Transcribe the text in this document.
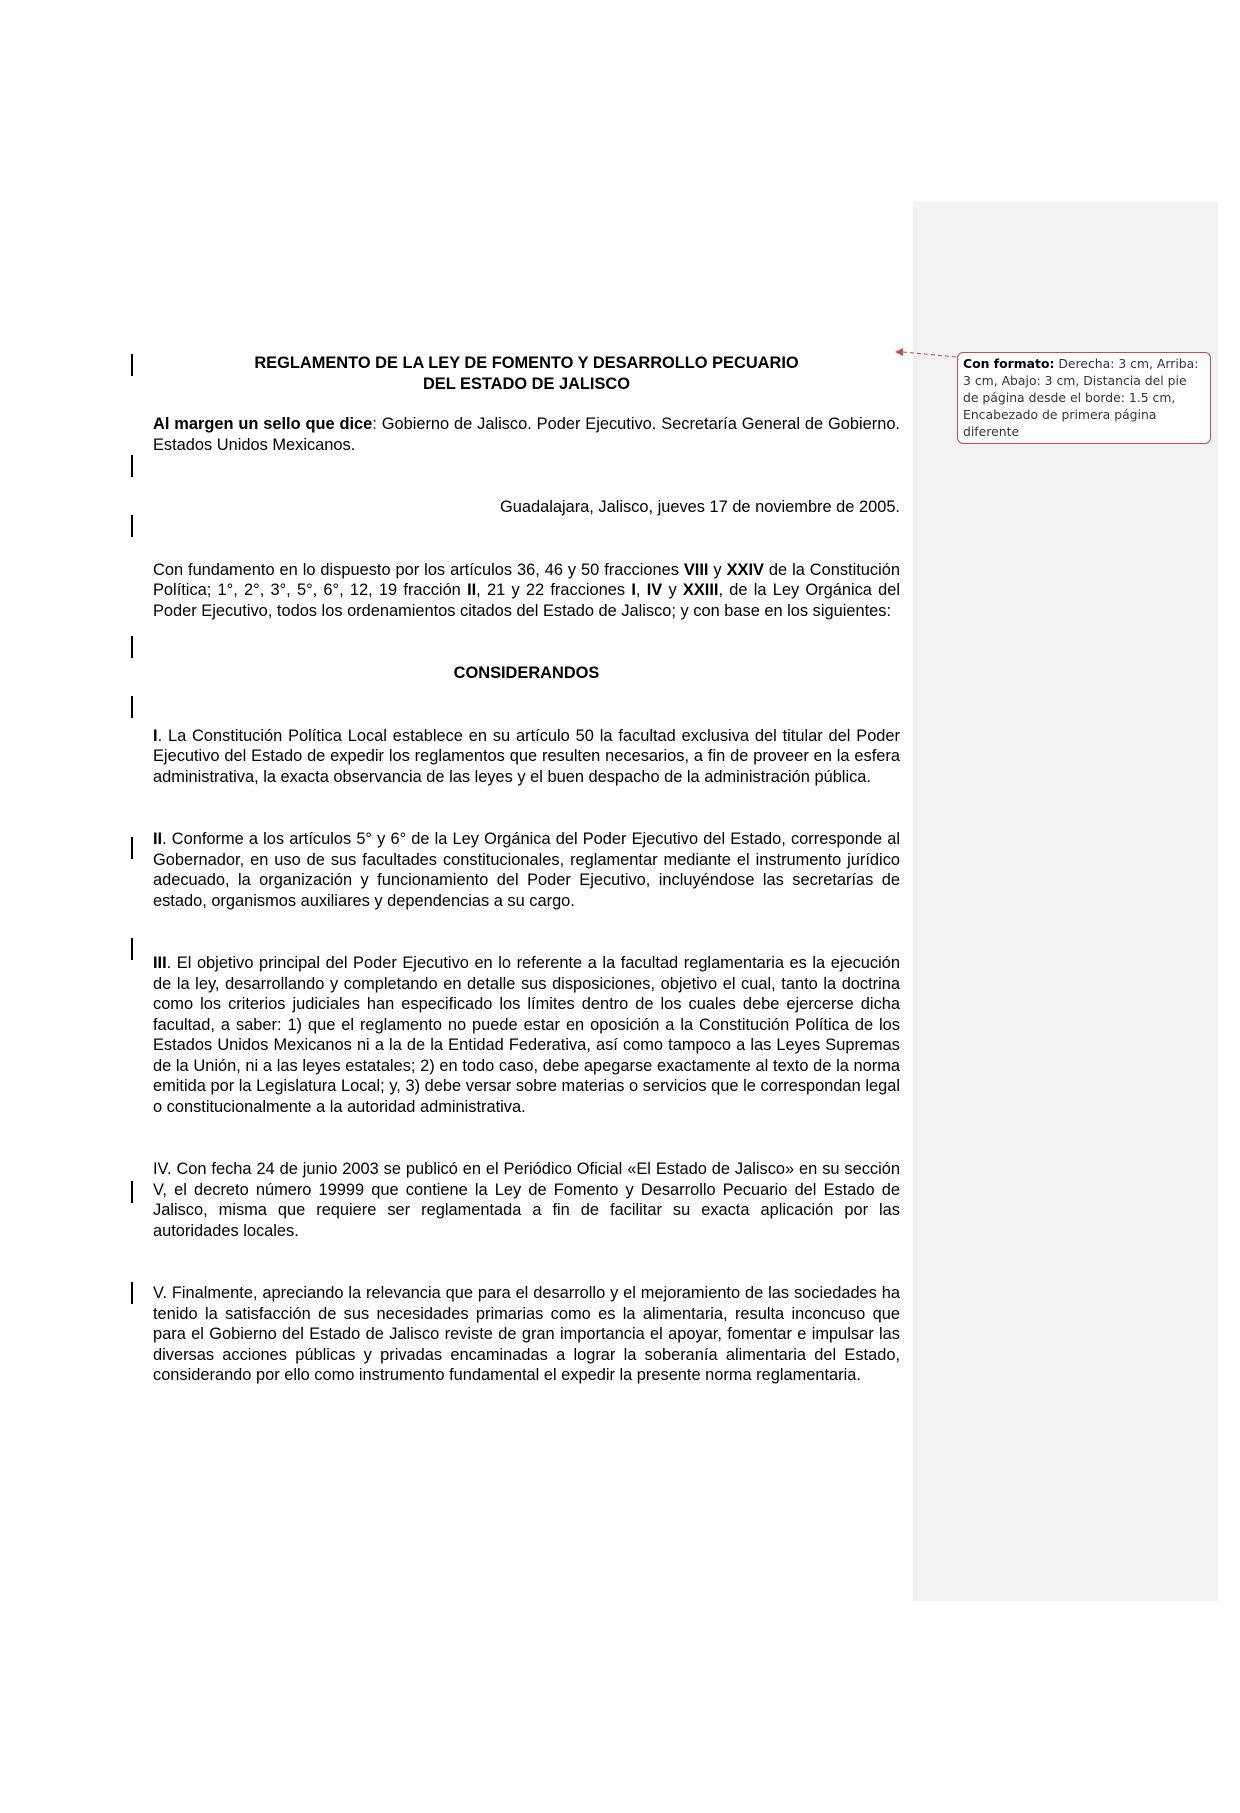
Con formato: Derecha: 3 cm, Arriba: 3 cm, Abajo: 3 cm, Distancia del pie de página desde el borde: 1.5 cm, Encabezado de primera página diferente

REGLAMENTO DE LA LEY DE FOMENTO Y DESARROLLO PECUARIO

DEL ESTADO DE JALISCO

Al margen un sello que dice: Gobierno de Jalisco. Poder Ejecutivo. Secretaría General de Gobierno. Estados Unidos Mexicanos.

Guadalajara, Jalisco, jueves 17 de noviembre de 2005.

Con fundamento en lo dispuesto por los artículos 36, 46 y 50 fracciones VIII y XXIV de la Constitución Política; 1°, 2°, 3°, 5°, 6°, 12, 19 fracción II, 21 y 22 fracciones I, IV y XXIII, de la Ley Orgánica del Poder Ejecutivo, todos los ordenamientos citados del Estado de Jalisco; y con base en los siguientes:

CONSIDERANDOS

I. La Constitución Política Local establece en su artículo 50 la facultad exclusiva del titular del Poder Ejecutivo del Estado de expedir los reglamentos que resulten necesarios, a fin de proveer en la esfera administrativa, la exacta observancia de las leyes y el buen despacho de la administración pública.

II. Conforme a los artículos 5° y 6° de la Ley Orgánica del Poder Ejecutivo del Estado, corresponde al Gobernador, en uso de sus facultades constitucionales, reglamentar mediante el instrumento jurídico adecuado, la organización y funcionamiento del Poder Ejecutivo, incluyéndose las secretarías de estado, organismos auxiliares y dependencias a su cargo.

III. El objetivo principal del Poder Ejecutivo en lo referente a la facultad reglamentaria es la ejecución de la ley, desarrollando y completando en detalle sus disposiciones, objetivo el cual, tanto la doctrina como los criterios judiciales han especificado los límites dentro de los cuales debe ejercerse dicha facultad, a saber: 1) que el reglamento no puede estar en oposición a la Constitución Política de los Estados Unidos Mexicanos ni a la de la Entidad Federativa, así como tampoco a las Leyes Supremas de la Unión, ni a las leyes estatales; 2) en todo caso, debe apegarse exactamente al texto de la norma emitida por la Legislatura Local; y, 3) debe versar sobre materias o servicios que le correspondan legal o constitucionalmente a la autoridad administrativa.

IV. Con fecha 24 de junio 2003 se publicó en el Periódico Oficial «El Estado de Jalisco» en su sección V, el decreto número 19999 que contiene la Ley de Fomento y Desarrollo Pecuario del Estado de Jalisco, misma que requiere ser reglamentada a fin de facilitar su exacta aplicación por las autoridades locales.

V. Finalmente, apreciando la relevancia que para el desarrollo y el mejoramiento de las sociedades ha tenido la satisfacción de sus necesidades primarias como es la alimentaria, resulta inconcuso que para el Gobierno del Estado de Jalisco reviste de gran importancia el apoyar, fomentar e impulsar las diversas acciones públicas y privadas encaminadas a lograr la soberanía alimentaria del Estado, considerando por ello como instrumento fundamental el expedir la presente norma reglamentaria.
